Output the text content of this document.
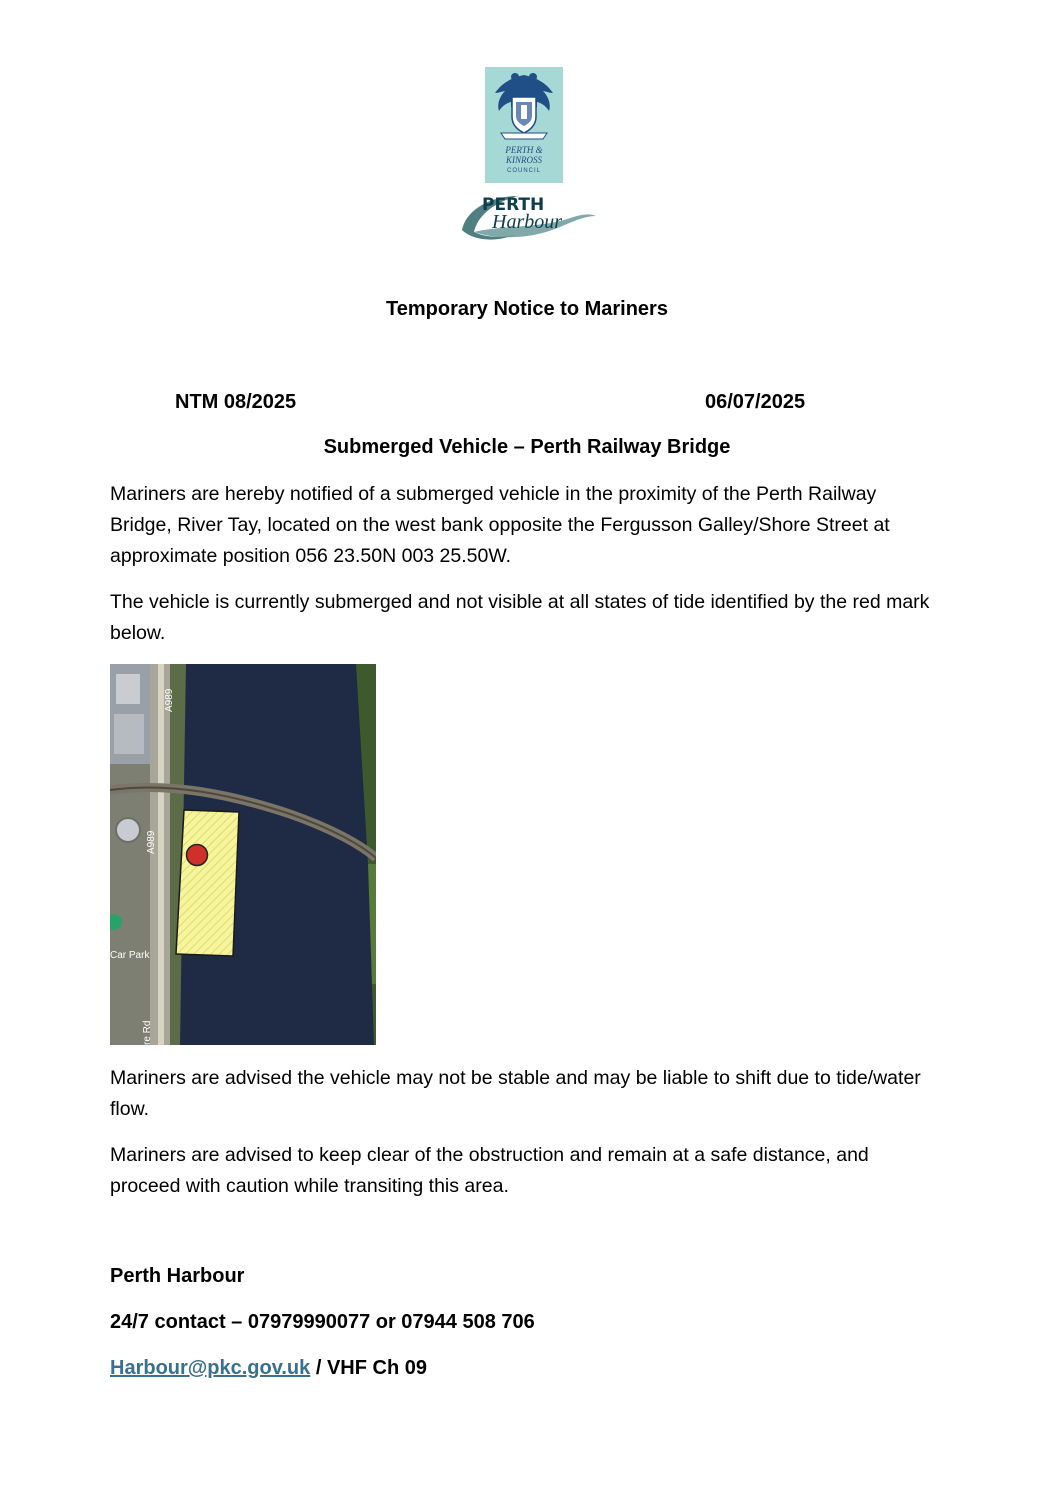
PERTH &
KINROSS
COUNCIL
PERTH
Harbour
Temporary Notice to Mariners
NTM 08/2025	06/07/2025
Submerged Vehicle – Perth Railway Bridge
Mariners are hereby notified of a submerged vehicle in the proximity of the Perth Railway Bridge, River Tay, located on the west bank opposite the Fergusson Galley/Shore Street at approximate position 056 23.50N 003 25.50W.
The vehicle is currently submerged and not visible at all states of tide identified by the red mark below.
A989
A989
Car Park
re Rd
Mariners are advised the vehicle may not be stable and may be liable to shift due to tide/water flow.
Mariners are advised to keep clear of the obstruction and remain at a safe distance, and proceed with caution while transiting this area.
Perth Harbour
24/7 contact – 07979990077 or 07944 508 706
Harbour@pkc.gov.uk / VHF Ch 09
